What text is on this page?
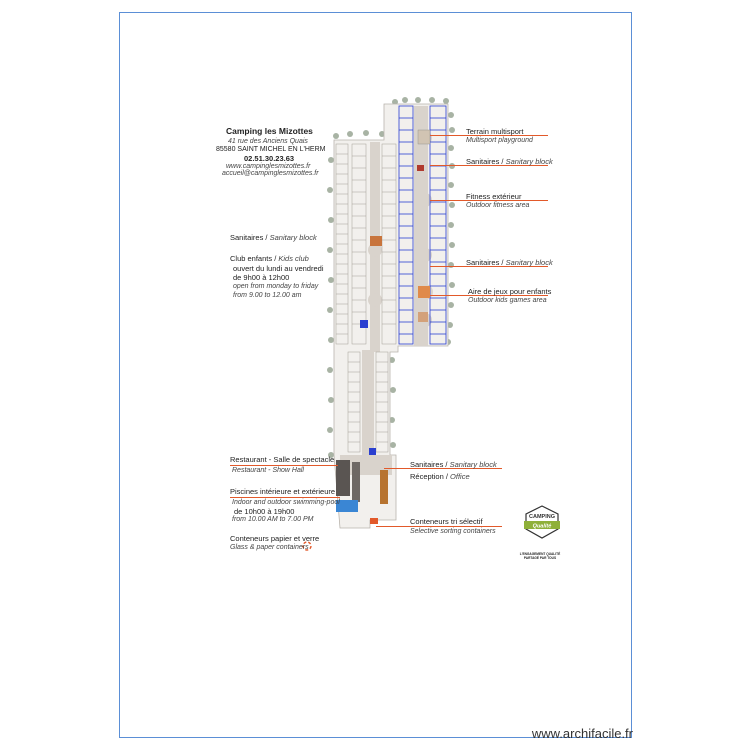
Camping les Mizottes
41 rue des Anciens Quais
85580 SAINT MICHEL EN L'HERM
02.51.30.23.63
www.campinglesmizottes.fr
accueil@campinglesmizottes.fr
Sanitaires / Sanitary block
Club enfants / Kids club
ouvert du lundi au vendredi
de 9h00 à 12h00
open from monday to friday
from 9.00 to 12.00 am
Restaurant - Salle de spectacle
Restaurant - Show Hall
Piscines intérieure et extérieure
Indoor and outdoor swimming-pool
de 10h00 à 19h00
from 10.00 AM to 7.00 PM
Conteneurs papier et verre
Glass & paper containers
Terrain multisport
Multisport playground
Sanitaires / Sanitary block
Fitness extérieur
Outdoor fitness area
Sanitaires / Sanitary block
Aire de jeux pour enfants
Outdoor kids games area
Sanitaires / Sanitary block
Réception / Office
Conteneurs tri sélectif
Selective sorting containers
CAMPING
Qualité
L'ENGAGEMENT QUALITÉ
PARTAGÉ PAR TOUS
www.archifacile.fr
